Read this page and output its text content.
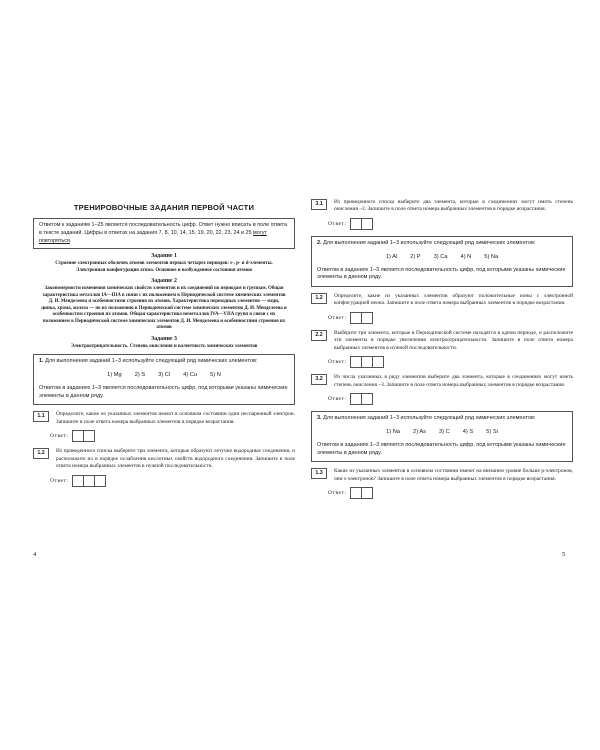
ТРЕНИРОВОЧНЫЕ ЗАДАНИЯ ПЕРВОЙ ЧАСТИ
Ответом к заданиям 1–25 является последовательность цифр. Ответ нужно вписать в поле ответа в тексте заданий. Цифры в ответах на задания 7, 8, 10, 14, 15, 19, 20, 22, 23, 24 и 25 могут повторяться.
Задание 1
Строение электронных оболочек атомов элементов первых четырех периодов: s-, p- и d-элементы. Электронная конфигурация атома. Основное и возбужденное состояния атомов
Задание 2
Закономерности изменения химических свойств элементов и их соединений по периодам и группам. Общая характеристика металлов IA—IIIA в связи с их положением в Периодической системе химических элементов Д. И. Менделеева и особенностями строения их атомов. Характеристика переходных элементов — меди, цинка, хрома, железа — по их положению в Периодической системе химических элементов Д. И. Менделеева и особенностям строения их атомов. Общая характеристика неметаллов IVA—VIIA групп в связи с их положением в Периодической системе химических элементов Д. И. Менделеева и особенностями строения их атомов
Задание 3
Электроотрицательность. Степень окисления и валентность химических элементов
1. Для выполнения заданий 1–3 используйте следующий ряд химических элементов:
1) Mg 2) S 3) Cl 4) Cu 5) N
Ответом в заданиях 1–3 является последовательность цифр, под которыми указаны химические элементы в данном ряду.
1.1	Определите, какие из указанных элементов имеют в основном состоянии один неспаренный электрон. Запишите в поле ответа номера выбранных элементов в порядке возрастания.
Ответ:
1.2	Из приведенного списка выберите три элемента, которые образуют летучие водородные соединения, и расположите их в порядке ослабления кислотных свойств водородного соединения. Запишите в поле ответа номера выбранных элементов в нужной последовательности.
Ответ:
4
3.1	Из приведенного списка выберите два элемента, которые в соединениях могут иметь степень окисления –2. Запишите в поле ответа номера выбранных элементов в порядке возрастания.
Ответ:
2. Для выполнения заданий 1–3 используйте следующий ряд химических элементов:
1) Al 2) P 3) Ca 4) N 5) Na
Ответом в заданиях 1–3 является последовательность цифр, под которыми указаны химические элементы в данном ряду.
1.2	Определите, какие из указанных элементов образуют положительные ионы с электронной конфигурацией неона. Запишите в поле ответа номера выбранных элементов в порядке возрастания.
Ответ:
2.2	Выберите три элемента, которые в Периодической системе находятся в одном периоде, и расположите эти элементы в порядке увеличения электроотрицательности. Запишите в поле ответа номера выбранных элементов в нужной последовательности.
Ответ:
3.2	Из числа указанных в ряду элементов выберите два элемента, которые в соединениях могут иметь степень окисления –3. Запишите в поле ответа номера выбранных элементов в порядке возрастания.
Ответ:
3. Для выполнения заданий 1–3 используйте следующий ряд химических элементов:
1) Na 2) As 3) C 4) S 5) Si
Ответом в заданиях 1–3 является последовательность цифр, под которыми указаны химические элементы в данном ряду.
1.3	Какие из указанных элементов в основном состоянии имеют на внешнем уровне больше p-электронов, чем s-электронов? Запишите в поле ответа номера выбранных элементов в порядке возрастания.
Ответ:
5
